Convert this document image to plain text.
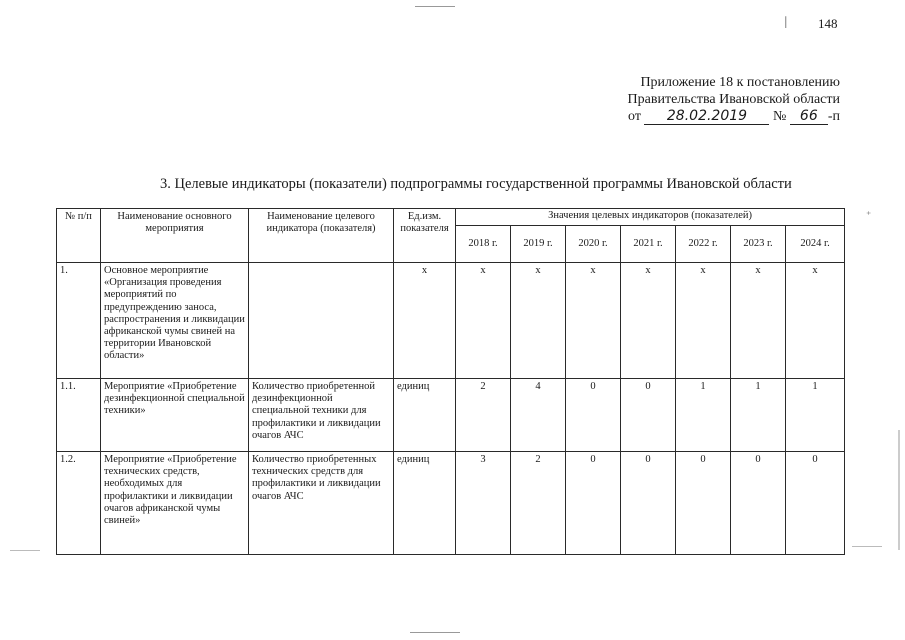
׀ 148
Приложение 18 к постановлению
Правительства Ивановской области
от 28.02.2019 № 66 -п
3. Целевые индикаторы (показатели) подпрограммы государственной программы Ивановской области
⁺
№ п/п	Наименование основного мероприятия	Наименование целевого индикатора (показателя)	Ед.изм. показателя	Значения целевых индикаторов (показателей)						
				2018 г.	2019 г.	2020 г.	2021 г.	2022 г.	2023 г.	2024 г.
1.	Основное мероприятие «Организация проведения мероприятий по предупреждению заноса, распространения и ликвидации африканской чумы свиней на территории Ивановской области»		x	x	x	x	x	x	x	x
1.1.	Мероприятие «Приобретение дезинфекционной специальной техники»	Количество приобретенной дезинфекционной специальной техники для профилактики и ликвидации очагов АЧС	единиц	2	4	0	0	1	1	1
1.2.	Мероприятие «Приобретение технических средств, необходимых для профилактики и ликвидации очагов африканской чумы свиней»	Количество приобретенных технических средств для профилактики и ликвидации очагов АЧС	единиц	3	2	0	0	0	0	0
